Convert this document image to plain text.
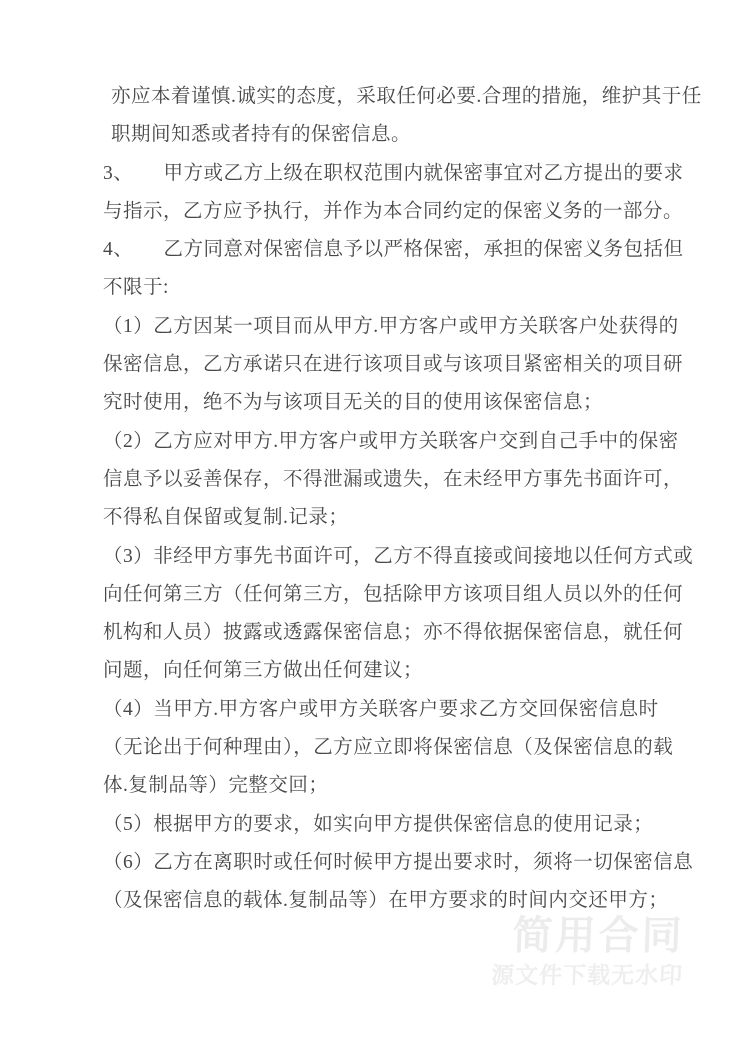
亦应本着谨慎.诚实的态度，采取任何必要.合理的措施，维护其于任
职期间知悉或者持有的保密信息。
3、　　甲方或乙方上级在职权范围内就保密事宜对乙方提出的要求
与指示，乙方应予执行，并作为本合同约定的保密义务的一部分。
4、　　乙方同意对保密信息予以严格保密，承担的保密义务包括但
不限于:
（1）乙方因某一项目而从甲方.甲方客户或甲方关联客户处获得的
保密信息，乙方承诺只在进行该项目或与该项目紧密相关的项目研
究时使用，绝不为与该项目无关的目的使用该保密信息；
（2）乙方应对甲方.甲方客户或甲方关联客户交到自己手中的保密
信息予以妥善保存，不得泄漏或遗失，在未经甲方事先书面许可，
不得私自保留或复制.记录；
（3）非经甲方事先书面许可，乙方不得直接或间接地以任何方式或
向任何第三方（任何第三方，包括除甲方该项目组人员以外的任何
机构和人员）披露或透露保密信息；亦不得依据保密信息，就任何
问题，向任何第三方做出任何建议；
（4）当甲方.甲方客户或甲方关联客户要求乙方交回保密信息时
（无论出于何种理由），乙方应立即将保密信息（及保密信息的载
体.复制品等）完整交回；
（5）根据甲方的要求，如实向甲方提供保密信息的使用记录；
（6）乙方在离职时或任何时候甲方提出要求时，须将一切保密信息
（及保密信息的载体.复制品等）在甲方要求的时间内交还甲方；
简用合同
源文件下载无水印
